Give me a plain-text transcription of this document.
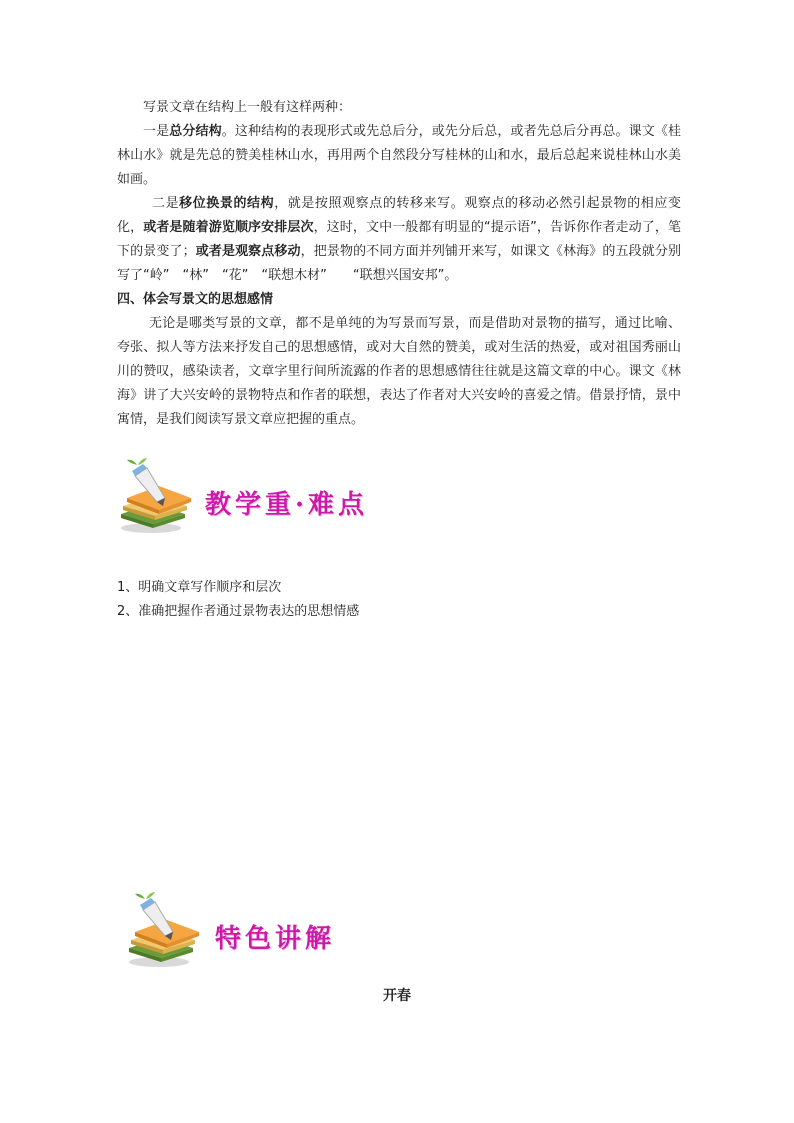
写景文章在结构上一般有这样两种：

一是总分结构。这种结构的表现形式或先总后分，或先分后总，或者先总后分再总。课文《桂林山水》就是先总的赞美桂林山水，再用两个自然段分写桂林的山和水，最后总起来说桂林山水美如画。

二是移位换景的结构，就是按照观察点的转移来写。观察点的移动必然引起景物的相应变化，或者是随着游览顺序安排层次，这时，文中一般都有明显的“提示语”，告诉你作者走动了，笔下的景变了；或者是观察点移动，把景物的不同方面并列铺开来写，如课文《林海》的五段就分别写了“岭”　“林”　“花”　“联想木材”　　“联想兴国安邦”。

四、体会写景文的思想感情

无论是哪类写景的文章，都不是单纯的为写景而写景，而是借助对景物的描写，通过比喻、夸张、拟人等方法来抒发自己的思想感情，或对大自然的赞美，或对生活的热爱，或对祖国秀丽山川的赞叹，感染读者，文章字里行间所流露的作者的思想感情往往就是这篇文章的中心。课文《林海》讲了大兴安岭的景物特点和作者的联想，表达了作者对大兴安岭的喜爱之情。借景抒情，景中寓情，是我们阅读写景文章应把握的重点。

教学重·难点
1、明确文章写作顺序和层次
2、准确把握作者通过景物表达的思想情感
特色讲解
开春
